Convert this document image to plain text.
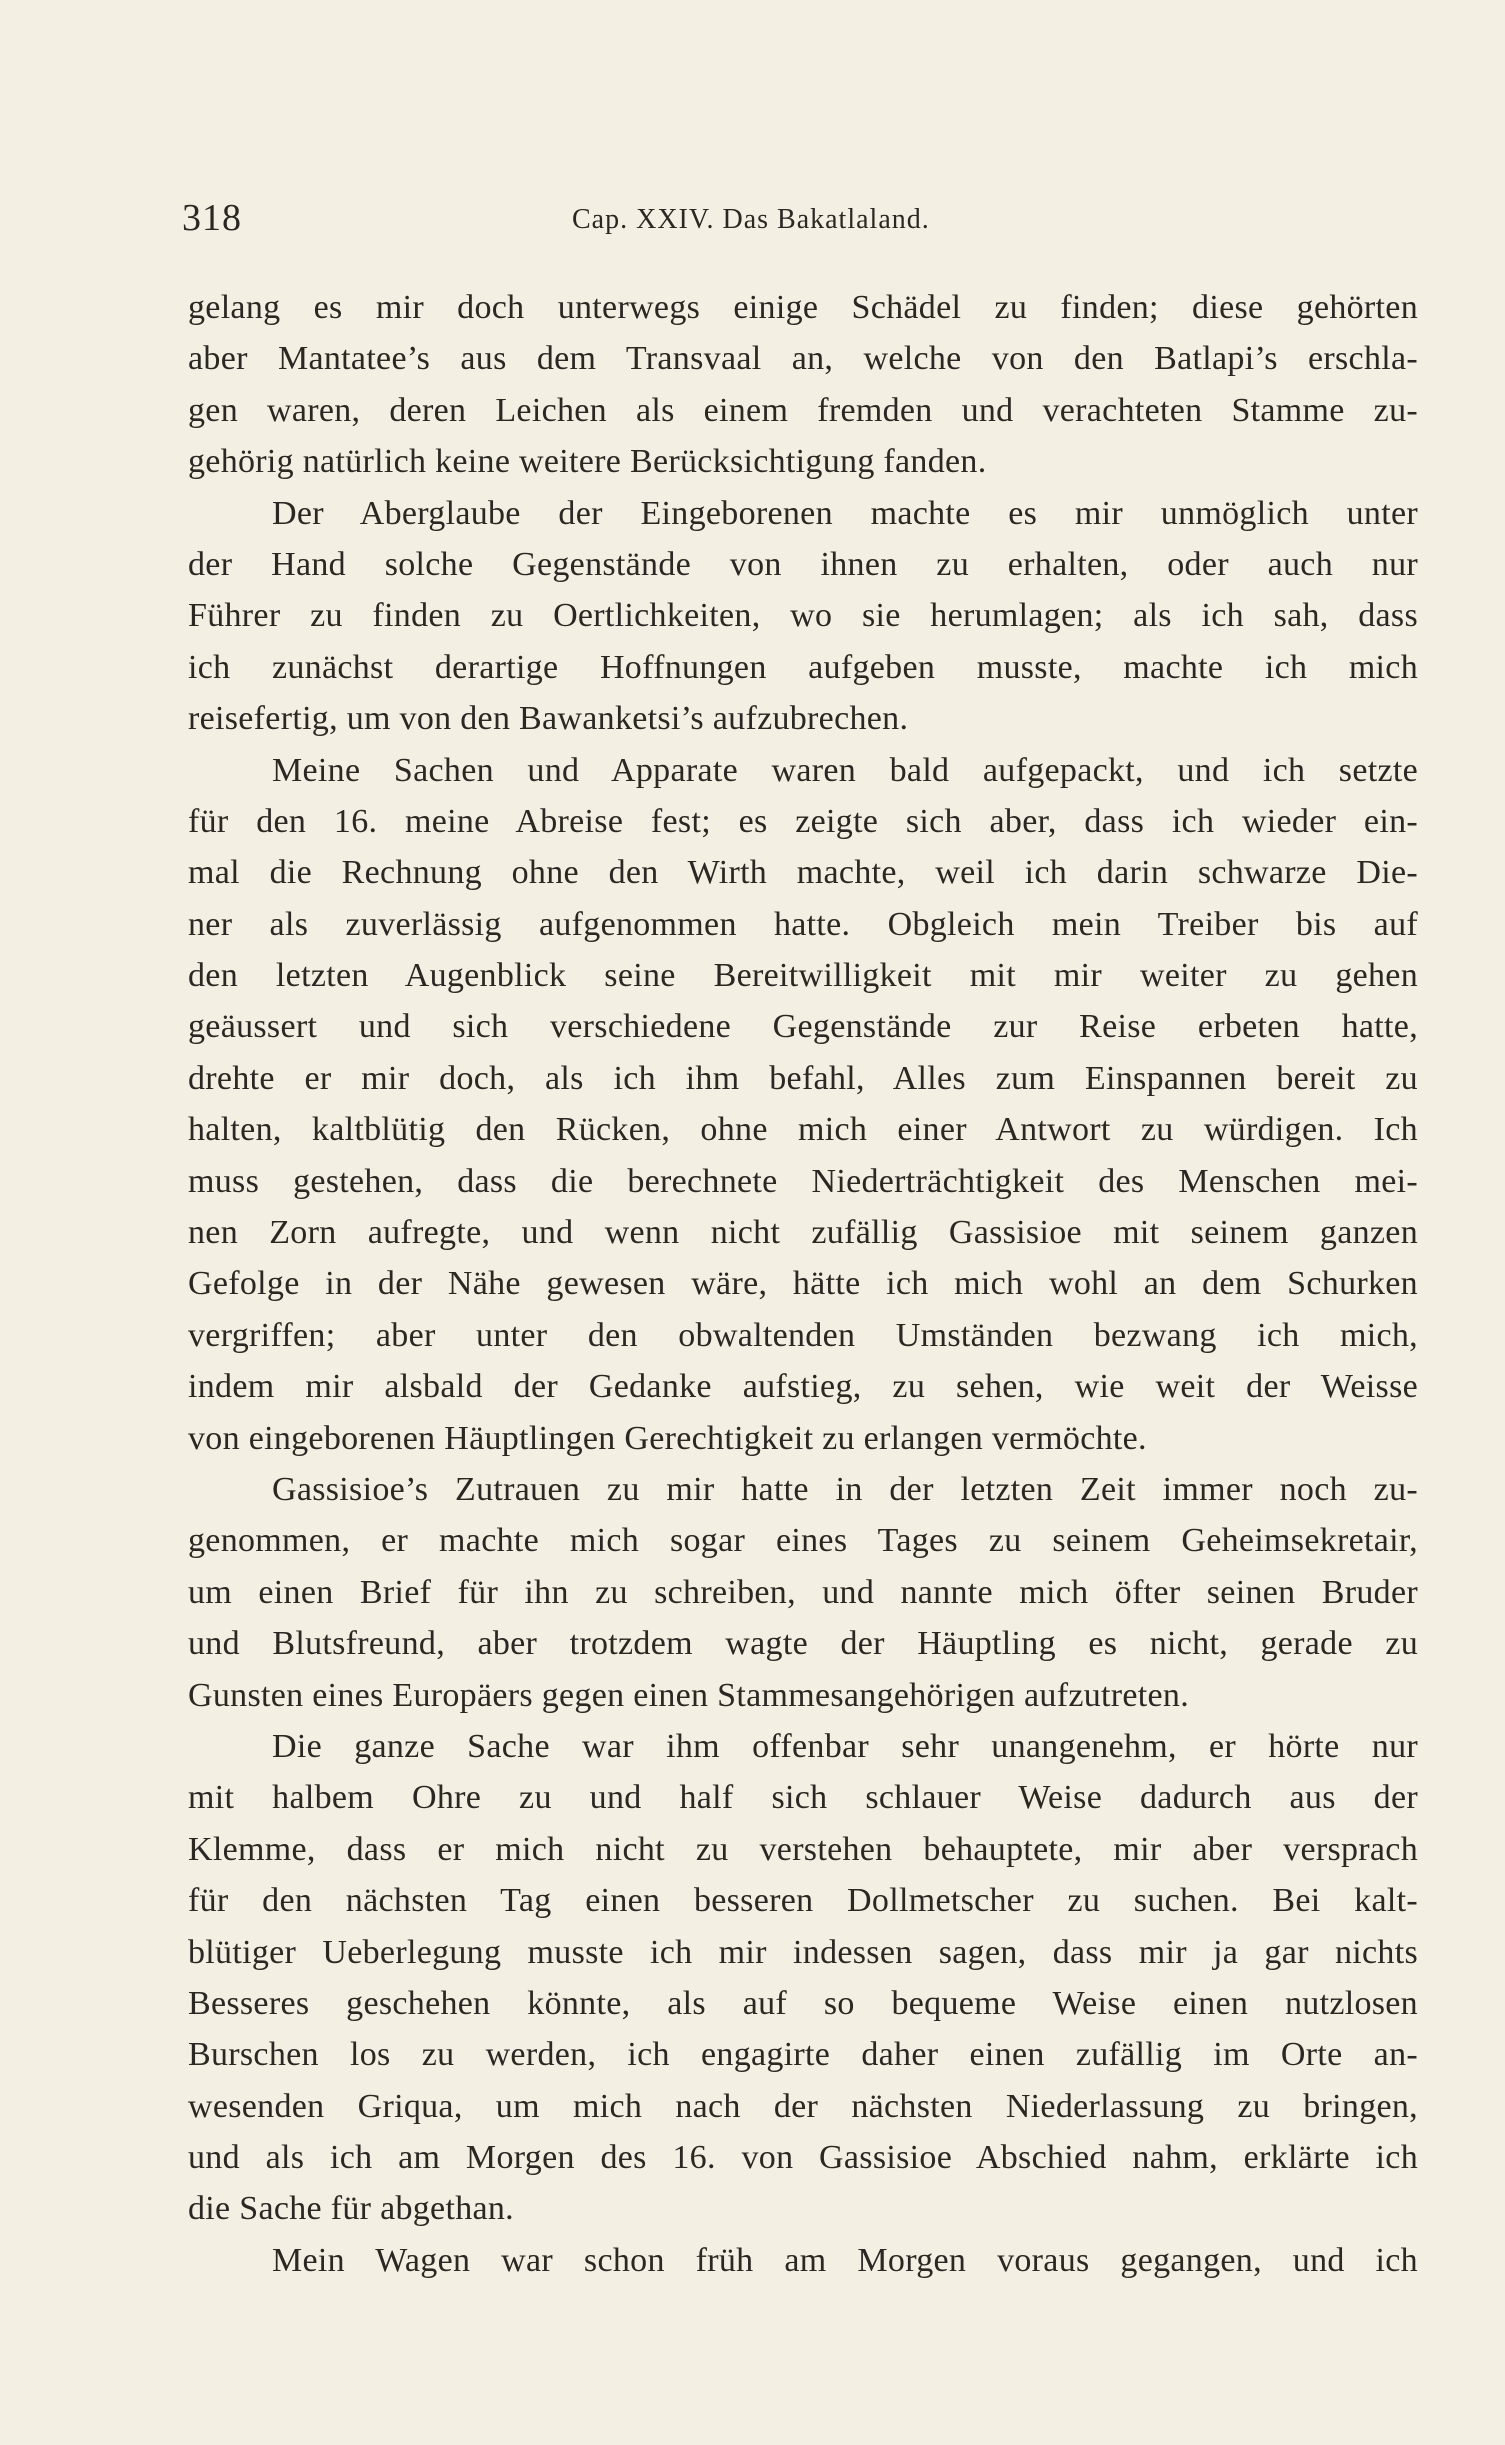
318	Cap. XXIV. Das Bakatlaland.
gelang es mir doch unterwegs einige Schädel zu finden; diese gehörten
aber Mantatee’s aus dem Transvaal an, welche von den Batlapi’s erschla-
gen waren, deren Leichen als einem fremden und verachteten Stamme zu-
gehörig natürlich keine weitere Berücksichtigung fanden.
Der Aberglaube der Eingeborenen machte es mir unmöglich unter
der Hand solche Gegenstände von ihnen zu erhalten, oder auch nur
Führer zu finden zu Oertlichkeiten, wo sie herumlagen; als ich sah, dass
ich zunächst derartige Hoffnungen aufgeben musste, machte ich mich
reisefertig, um von den Bawanketsi’s aufzubrechen.
Meine Sachen und Apparate waren bald aufgepackt, und ich setzte
für den 16. meine Abreise fest; es zeigte sich aber, dass ich wieder ein-
mal die Rechnung ohne den Wirth machte, weil ich darin schwarze Die-
ner als zuverlässig aufgenommen hatte. Obgleich mein Treiber bis auf
den letzten Augenblick seine Bereitwilligkeit mit mir weiter zu gehen
geäussert und sich verschiedene Gegenstände zur Reise erbeten hatte,
drehte er mir doch, als ich ihm befahl, Alles zum Einspannen bereit zu
halten, kaltblütig den Rücken, ohne mich einer Antwort zu würdigen. Ich
muss gestehen, dass die berechnete Niederträchtigkeit des Menschen mei-
nen Zorn aufregte, und wenn nicht zufällig Gassisioe mit seinem ganzen
Gefolge in der Nähe gewesen wäre, hätte ich mich wohl an dem Schurken
vergriffen; aber unter den obwaltenden Umständen bezwang ich mich,
indem mir alsbald der Gedanke aufstieg, zu sehen, wie weit der Weisse
von eingeborenen Häuptlingen Gerechtigkeit zu erlangen vermöchte.
Gassisioe’s Zutrauen zu mir hatte in der letzten Zeit immer noch zu-
genommen, er machte mich sogar eines Tages zu seinem Geheimsekretair,
um einen Brief für ihn zu schreiben, und nannte mich öfter seinen Bruder
und Blutsfreund, aber trotzdem wagte der Häuptling es nicht, gerade zu
Gunsten eines Europäers gegen einen Stammesangehörigen aufzutreten.
Die ganze Sache war ihm offenbar sehr unangenehm, er hörte nur
mit halbem Ohre zu und half sich schlauer Weise dadurch aus der
Klemme, dass er mich nicht zu verstehen behauptete, mir aber versprach
für den nächsten Tag einen besseren Dollmetscher zu suchen. Bei kalt-
blütiger Ueberlegung musste ich mir indessen sagen, dass mir ja gar nichts
Besseres geschehen könnte, als auf so bequeme Weise einen nutzlosen
Burschen los zu werden, ich engagirte daher einen zufällig im Orte an-
wesenden Griqua, um mich nach der nächsten Niederlassung zu bringen,
und als ich am Morgen des 16. von Gassisioe Abschied nahm, erklärte ich
die Sache für abgethan.
Mein Wagen war schon früh am Morgen voraus gegangen, und ich
